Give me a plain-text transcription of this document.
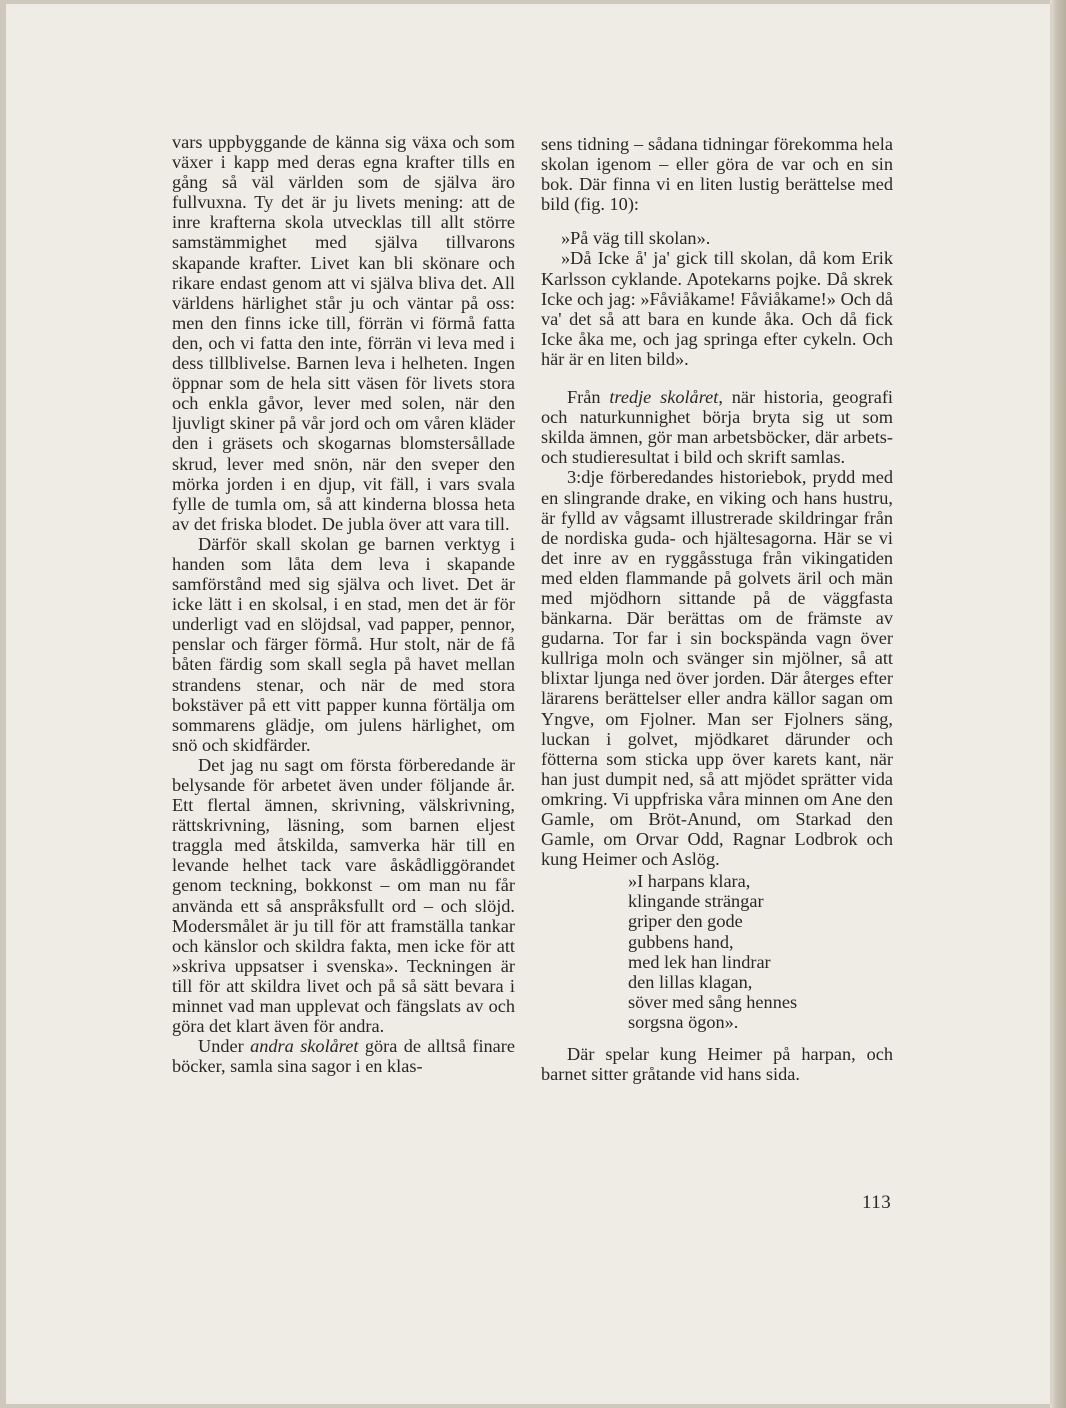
vars uppbyggande de känna sig växa och som växer i kapp med deras egna krafter tills en gång så väl världen som de själva äro fullvuxna. Ty det är ju livets mening: att de inre krafterna skola utvecklas till allt större samstämmighet med själva tillvarons skapande krafter. Livet kan bli skönare och rikare endast genom att vi själva bliva det. All världens härlighet står ju och väntar på oss: men den finns icke till, förrän vi förmå fatta den, och vi fatta den inte, förrän vi leva med i dess tillblivelse. Barnen leva i helheten. Ingen öppnar som de hela sitt väsen för livets stora och enkla gåvor, lever med solen, när den ljuvligt skiner på vår jord och om våren kläder den i gräsets och skogarnas blomstersållade skrud, lever med snön, när den sveper den mörka jorden i en djup, vit fäll, i vars svala fylle de tumla om, så att kinderna blossa heta av det friska blodet. De jubla över att vara till.

Därför skall skolan ge barnen verktyg i handen som låta dem leva i skapande samförstånd med sig själva och livet. Det är icke lätt i en skolsal, i en stad, men det är för underligt vad en slöjdsal, vad papper, pennor, penslar och färger förmå. Hur stolt, när de få båten färdig som skall segla på havet mellan strandens stenar, och när de med stora bokstäver på ett vitt papper kunna förtälja om sommarens glädje, om julens härlighet, om snö och skidfärder.

Det jag nu sagt om första förberedande är belysande för arbetet även under följande år. Ett flertal ämnen, skrivning, välskrivning, rättskrivning, läsning, som barnen eljest traggla med åtskilda, samverka här till en levande helhet tack vare åskådliggörandet genom teckning, bokkonst – om man nu får använda ett så anspråksfullt ord – och slöjd. Modersmålet är ju till för att framställa tankar och känslor och skildra fakta, men icke för att »skriva uppsatser i svenska». Teckningen är till för att skildra livet och på så sätt bevara i minnet vad man upplevat och fängslats av och göra det klart även för andra.

Under andra skolåret göra de alltså finare böcker, samla sina sagor i en klas-

sens tidning – sådana tidningar förekomma hela skolan igenom – eller göra de var och en sin bok. Där finna vi en liten lustig berättelse med bild (fig. 10):

»På väg till skolan».

»Då Icke å' ja' gick till skolan, då kom Erik Karlsson cyklande. Apotekarns pojke. Då skrek Icke och jag: »Fåviåkame! Fåviåkame!» Och då va' det så att bara en kunde åka. Och då fick Icke åka me, och jag springa efter cykeln. Och här är en liten bild».

Från tredje skolåret, när historia, geografi och naturkunnighet börja bryta sig ut som skilda ämnen, gör man arbetsböcker, där arbets- och studieresultat i bild och skrift samlas.

3:dje förberedandes historiebok, prydd med en slingrande drake, en viking och hans hustru, är fylld av vågsamt illustrerade skildringar från de nordiska guda- och hjältesagorna. Här se vi det inre av en ryggåsstuga från vikingatiden med elden flammande på golvets äril och män med mjödhorn sittande på de väggfasta bänkarna. Där berättas om de främste av gudarna. Tor far i sin bockspända vagn över kullriga moln och svänger sin mjölner, så att blixtar ljunga ned över jorden. Där återges efter lärarens berättelser eller andra källor sagan om Yngve, om Fjolner. Man ser Fjolners säng, luckan i golvet, mjödkaret därunder och fötterna som sticka upp över karets kant, när han just dumpit ned, så att mjödet sprätter vida omkring. Vi uppfriska våra minnen om Ane den Gamle, om Bröt-Anund, om Starkad den Gamle, om Orvar Odd, Ragnar Lodbrok och kung Heimer och Aslög.

»I harpans klara,
klingande strängar
griper den gode
gubbens hand,
med lek han lindrar
den lillas klagan,
söver med sång hennes
sorgsna ögon».

Där spelar kung Heimer på harpan, och barnet sitter gråtande vid hans sida.

113
